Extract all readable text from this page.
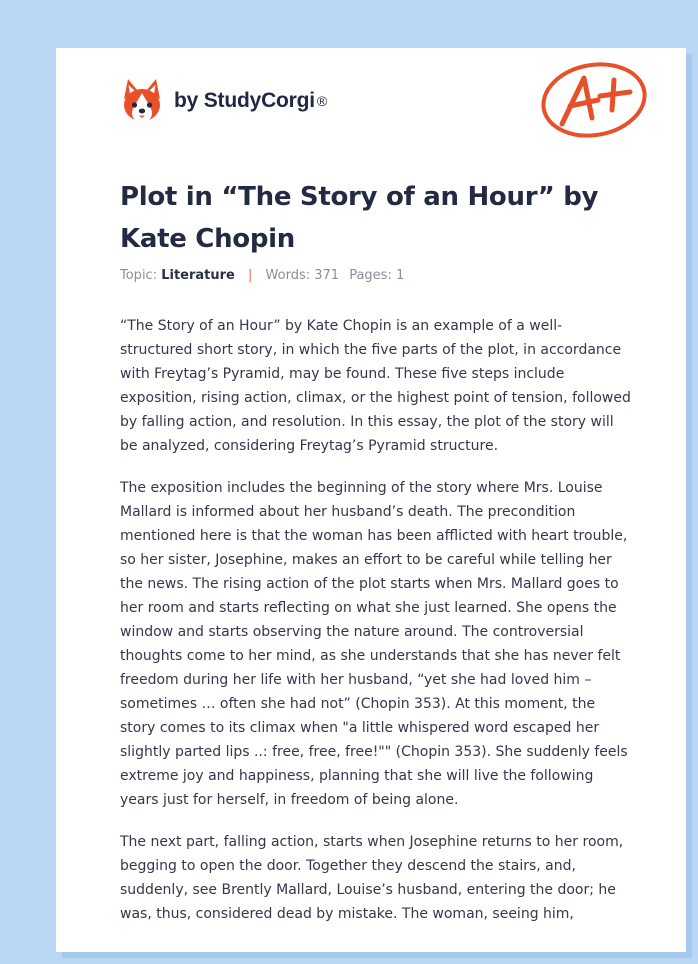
by StudyCorgi ®
Plot in “The Story of an Hour” by Kate Chopin
Topic: Literature | Words: 371 Pages: 1

“The Story of an Hour” by Kate Chopin is an example of a well-structured short story, in which the five parts of the plot, in accordance with Freytag’s Pyramid, may be found. These five steps include exposition, rising action, climax, or the highest point of tension, followed by falling action, and resolution. In this essay, the plot of the story will be analyzed, considering Freytag’s Pyramid structure.

The exposition includes the beginning of the story where Mrs. Louise Mallard is informed about her husband’s death. The precondition mentioned here is that the woman has been afflicted with heart trouble, so her sister, Josephine, makes an effort to be careful while telling her the news. The rising action of the plot starts when Mrs. Mallard goes to her room and starts reflecting on what she just learned. She opens the window and starts observing the nature around. The controversial thoughts come to her mind, as she understands that she has never felt freedom during her life with her husband, “yet she had loved him – sometimes … often she had not” (Chopin 353). At this moment, the story comes to its climax when "a little whispered word escaped her slightly parted lips ..: free, free, free!"" (Chopin 353). She suddenly feels extreme joy and happiness, planning that she will live the following years just for herself, in freedom of being alone.

The next part, falling action, starts when Josephine returns to her room, begging to open the door. Together they descend the stairs, and, suddenly, see Brently Mallard, Louise’s husband, entering the door; he was, thus, considered dead by mistake. The woman, seeing him,
